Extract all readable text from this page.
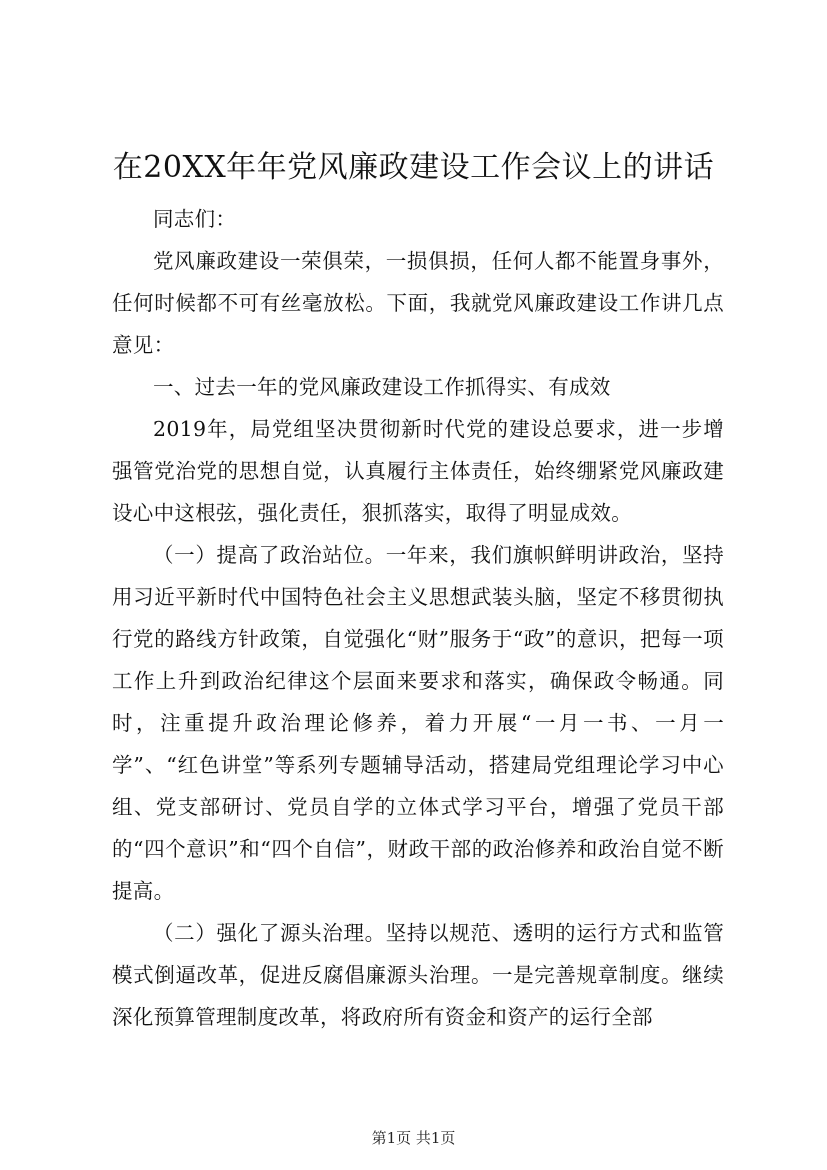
在20XX年年党风廉政建设工作会议上的讲话

同志们：

党风廉政建设一荣俱荣，一损俱损，任何人都不能置身事外，任何时候都不可有丝毫放松。下面，我就党风廉政建设工作讲几点意见：

一、过去一年的党风廉政建设工作抓得实、有成效

2019年，局党组坚决贯彻新时代党的建设总要求，进一步增强管党治党的思想自觉，认真履行主体责任，始终绷紧党风廉政建设心中这根弦，强化责任，狠抓落实，取得了明显成效。

（一）提高了政治站位。一年来，我们旗帜鲜明讲政治，坚持用习近平新时代中国特色社会主义思想武装头脑，坚定不移贯彻执行党的路线方针政策，自觉强化“财”服务于“政”的意识，把每一项工作上升到政治纪律这个层面来要求和落实，确保政令畅通。同时，注重提升政治理论修养，着力开展“一月一书、一月一学”、“红色讲堂”等系列专题辅导活动，搭建局党组理论学习中心组、党支部研讨、党员自学的立体式学习平台，增强了党员干部的“四个意识”和“四个自信”，财政干部的政治修养和政治自觉不断提高。

（二）强化了源头治理。坚持以规范、透明的运行方式和监管模式倒逼改革，促进反腐倡廉源头治理。一是完善规章制度。继续深化预算管理制度改革，将政府所有资金和资产的运行全部

第1页 共1页
